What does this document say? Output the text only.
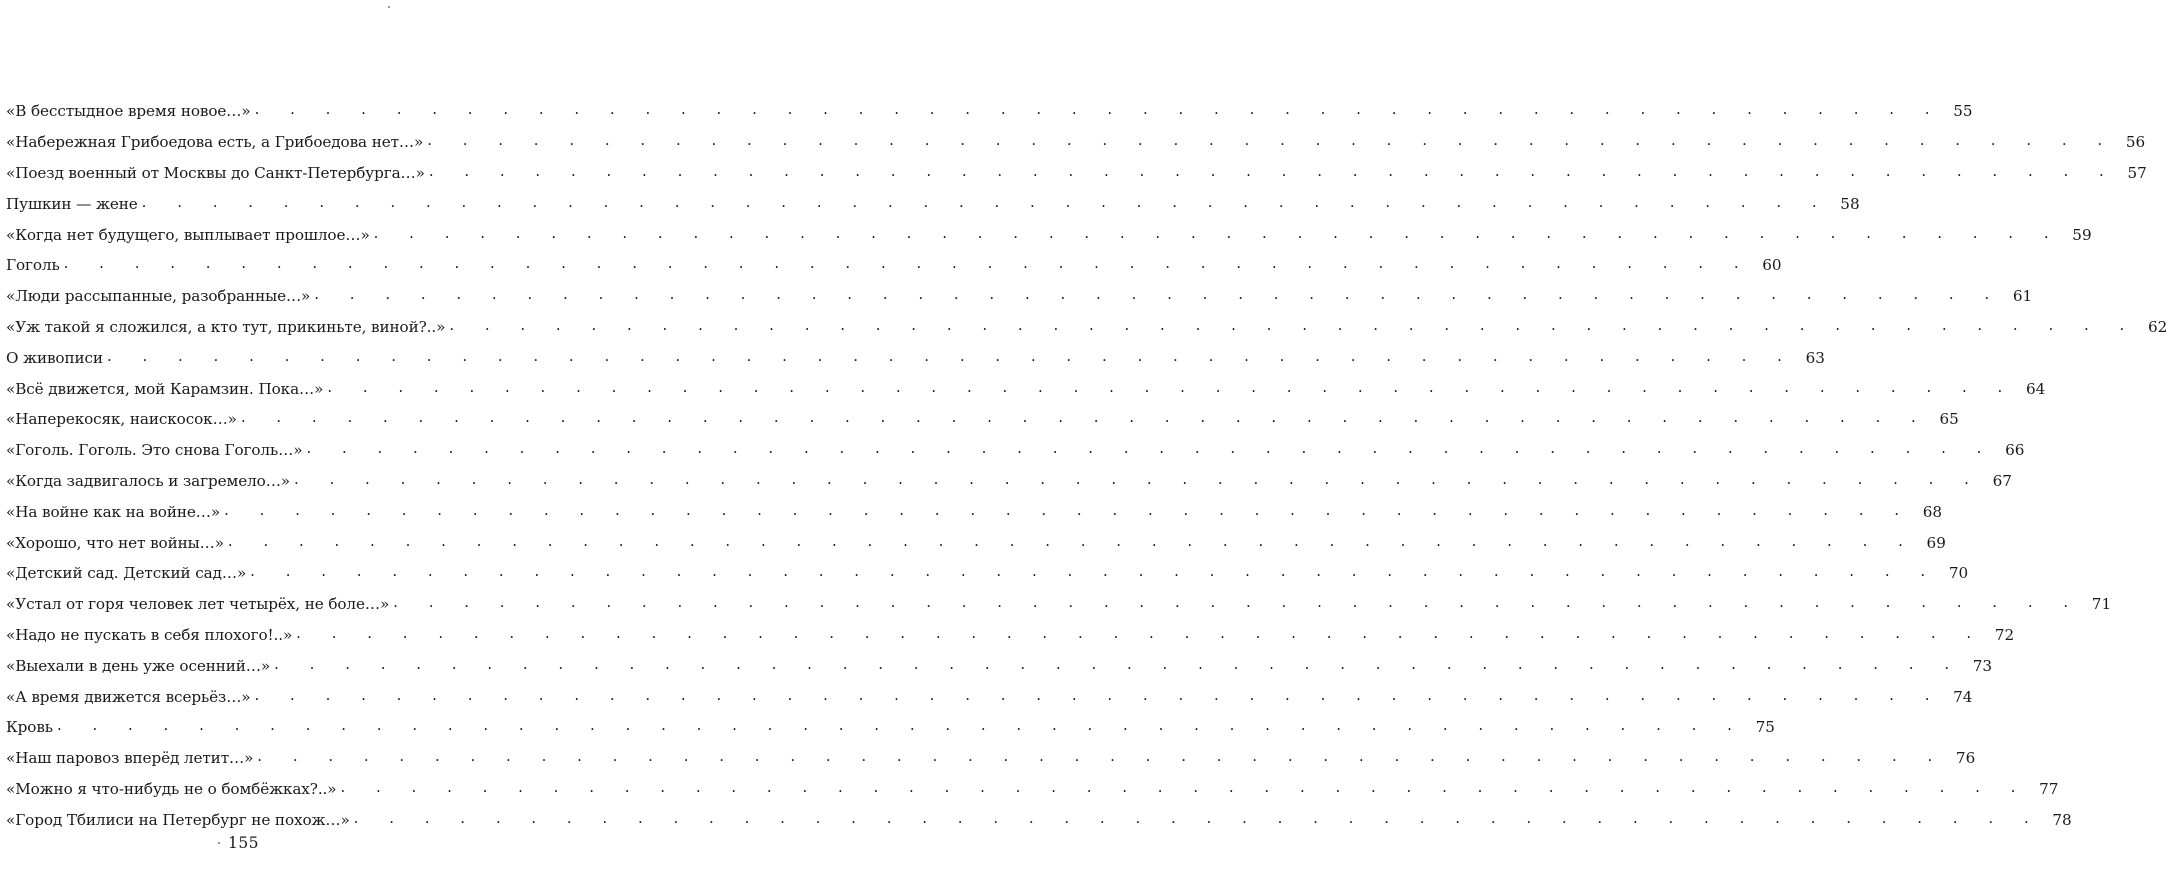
«В бесстыдное время новое…» . . . . . . . . . . . . . . . . . . . . . . . . . . . . . . . . . . . . . . . . . . . . . . . . 55
«Набережная Грибоедова есть, а Грибоедова нет…» . . . . . . . . . . . . . . . . . . . . . . . . . . . . . . . . . . . . . . . . . . . . . . . . 56
«Поезд военный от Москвы до Санкт-Петербурга…» . . . . . . . . . . . . . . . . . . . . . . . . . . . . . . . . . . . . . . . . . . . . . . . . 57
Пушкин — жене . . . . . . . . . . . . . . . . . . . . . . . . . . . . . . . . . . . . . . . . . . . . . . . . 58
«Когда нет будущего, выплывает прошлое…» . . . . . . . . . . . . . . . . . . . . . . . . . . . . . . . . . . . . . . . . . . . . . . . . 59
Гоголь . . . . . . . . . . . . . . . . . . . . . . . . . . . . . . . . . . . . . . . . . . . . . . . . 60
«Люди рассыпанные, разобранные…» . . . . . . . . . . . . . . . . . . . . . . . . . . . . . . . . . . . . . . . . . . . . . . . . 61
«Уж такой я сложился, а кто тут, прикиньте, виной?..» . . . . . . . . . . . . . . . . . . . . . . . . . . . . . . . . . . . . . . . . . . . . . . . . 62
О живописи . . . . . . . . . . . . . . . . . . . . . . . . . . . . . . . . . . . . . . . . . . . . . . . . 63
«Всё движется, мой Карамзин. Пока…» . . . . . . . . . . . . . . . . . . . . . . . . . . . . . . . . . . . . . . . . . . . . . . . . 64
«Наперекосяк, наискосок…» . . . . . . . . . . . . . . . . . . . . . . . . . . . . . . . . . . . . . . . . . . . . . . . . 65
«Гоголь. Гоголь. Это снова Гоголь…» . . . . . . . . . . . . . . . . . . . . . . . . . . . . . . . . . . . . . . . . . . . . . . . . 66
«Когда задвигалось и загремело…» . . . . . . . . . . . . . . . . . . . . . . . . . . . . . . . . . . . . . . . . . . . . . . . . 67
«На войне как на войне…» . . . . . . . . . . . . . . . . . . . . . . . . . . . . . . . . . . . . . . . . . . . . . . . . 68
«Хорошо, что нет войны…» . . . . . . . . . . . . . . . . . . . . . . . . . . . . . . . . . . . . . . . . . . . . . . . . 69
«Детский сад. Детский сад…» . . . . . . . . . . . . . . . . . . . . . . . . . . . . . . . . . . . . . . . . . . . . . . . . 70
«Устал от горя человек лет четырёх, не боле…» . . . . . . . . . . . . . . . . . . . . . . . . . . . . . . . . . . . . . . . . . . . . . . . . 71
«Надо не пускать в себя плохого!..» . . . . . . . . . . . . . . . . . . . . . . . . . . . . . . . . . . . . . . . . . . . . . . . . 72
«Выехали в день уже осенний…» . . . . . . . . . . . . . . . . . . . . . . . . . . . . . . . . . . . . . . . . . . . . . . . . 73
«А время движется всерьёз…» . . . . . . . . . . . . . . . . . . . . . . . . . . . . . . . . . . . . . . . . . . . . . . . . 74
Кровь . . . . . . . . . . . . . . . . . . . . . . . . . . . . . . . . . . . . . . . . . . . . . . . . 75
«Наш паровоз вперёд летит…» . . . . . . . . . . . . . . . . . . . . . . . . . . . . . . . . . . . . . . . . . . . . . . . . 76
«Можно я что-нибудь не о бомбёжках?..» . . . . . . . . . . . . . . . . . . . . . . . . . . . . . . . . . . . . . . . . . . . . . . . . 77
«Город Тбилиси на Петербург не похож…» . . . . . . . . . . . . . . . . . . . . . . . . . . . . . . . . . . . . . . . . . . . . . . . . 78
155
